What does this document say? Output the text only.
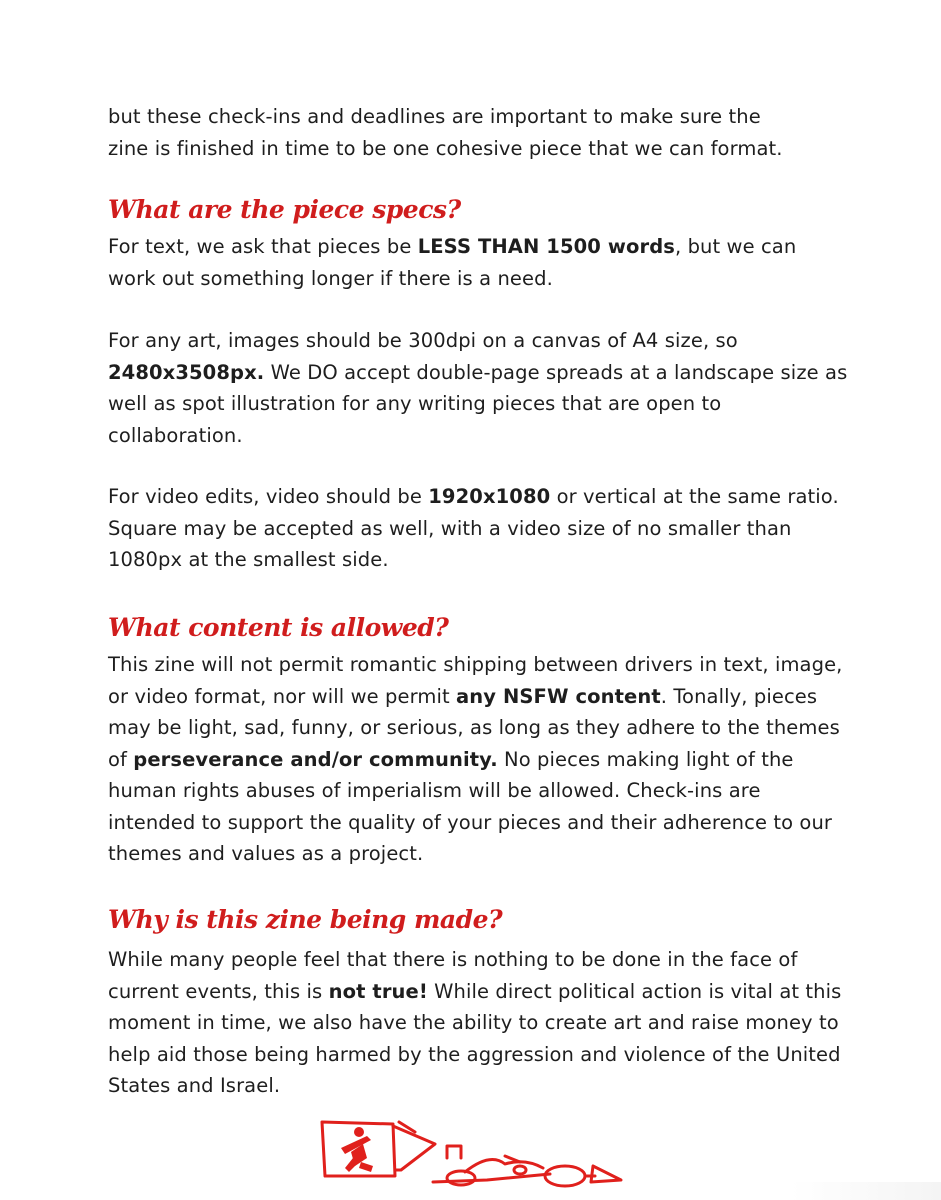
but these check-ins and deadlines are important to make sure the
zine is finished in time to be one cohesive piece that we can format.

What are the piece specs?

For text, we ask that pieces be LESS THAN 1500 words, but we can work out something longer if there is a need.

For any art, images should be 300dpi on a canvas of A4 size, so 2480x3508px. We DO accept double-page spreads at a landscape size as well as spot illustration for any writing pieces that are open to collaboration.

For video edits, video should be 1920x1080 or vertical at the same ratio. Square may be accepted as well, with a video size of no smaller than 1080px at the smallest side.

What content is allowed?

This zine will not permit romantic shipping between drivers in text, image, or video format, nor will we permit any NSFW content. Tonally, pieces may be light, sad, funny, or serious, as long as they adhere to the themes of perseverance and/or community. No pieces making light of the human rights abuses of imperialism will be allowed. Check-ins are intended to support the quality of your pieces and their adherence to our themes and values as a project.

Why is this zine being made?

While many people feel that there is nothing to be done in the face of current events, this is not true! While direct political action is vital at this moment in time, we also have the ability to create art and raise money to help aid those being harmed by the aggression and violence of the United States and Israel.
